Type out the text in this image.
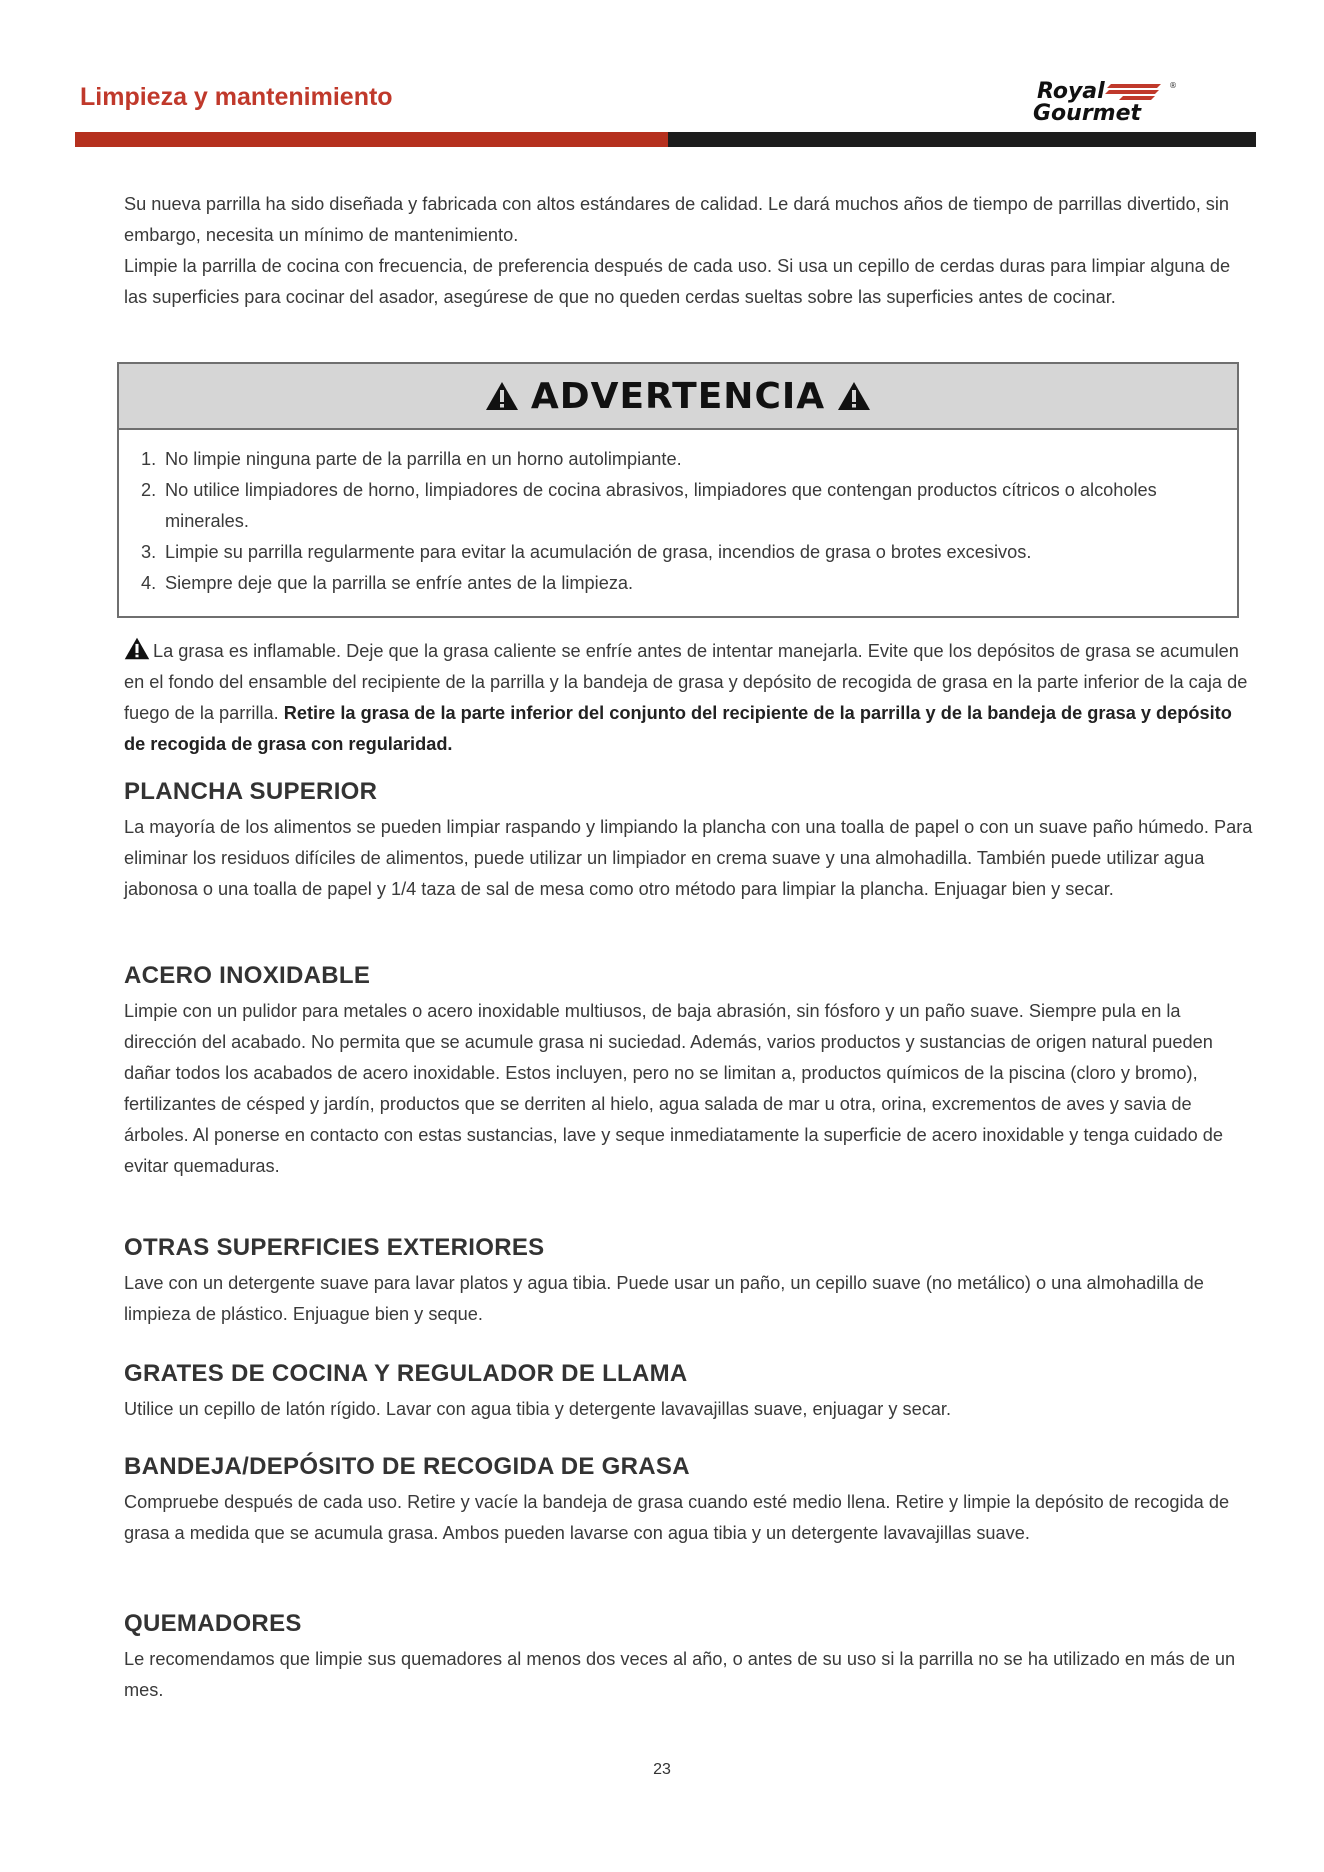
Limpieza y mantenimiento	Royal	®
Gourmet

Su nueva parrilla ha sido diseñada y fabricada con altos estándares de calidad. Le dará muchos años de tiempo de parrillas divertido, sin embargo, necesita un mínimo de mantenimiento.

Limpie la parrilla de cocina con frecuencia, de preferencia después de cada uso. Si usa un cepillo de cerdas duras para limpiar alguna de las superficies para cocinar del asador, asegúrese de que no queden cerdas sueltas sobre las superficies antes de cocinar.

ADVERTENCIA
1. No limpie ninguna parte de la parrilla en un horno autolimpiante.
2. No utilice limpiadores de horno, limpiadores de cocina abrasivos, limpiadores que contengan productos cítricos o alcoholes minerales.
3. Limpie su parrilla regularmente para evitar la acumulación de grasa, incendios de grasa o brotes excesivos.
4. Siempre deje que la parrilla se enfríe antes de la limpieza.

La grasa es inflamable. Deje que la grasa caliente se enfríe antes de intentar manejarla. Evite que los depósitos de grasa se acumulen en el fondo del ensamble del recipiente de la parrilla y la bandeja de grasa y depósito de recogida de grasa en la parte inferior de la caja de fuego de la parrilla. Retire la grasa de la parte inferior del conjunto del recipiente de la parrilla y de la bandeja de grasa y depósito de recogida de grasa con regularidad.

PLANCHA SUPERIOR

La mayoría de los alimentos se pueden limpiar raspando y limpiando la plancha con una toalla de papel o con un suave paño húmedo. Para eliminar los residuos difíciles de alimentos, puede utilizar un limpiador en crema suave y una almohadilla. También puede utilizar agua jabonosa o una toalla de papel y 1/4 taza de sal de mesa como otro método para limpiar la plancha. Enjuagar bien y secar.

ACERO INOXIDABLE

Limpie con un pulidor para metales o acero inoxidable multiusos, de baja abrasión, sin fósforo y un paño suave. Siempre pula en la dirección del acabado. No permita que se acumule grasa ni suciedad. Además, varios productos y sustancias de origen natural pueden dañar todos los acabados de acero inoxidable. Estos incluyen, pero no se limitan a, productos químicos de la piscina (cloro y bromo), fertilizantes de césped y jardín, productos que se derriten al hielo, agua salada de mar u otra, orina, excrementos de aves y savia de árboles. Al ponerse en contacto con estas sustancias, lave y seque inmediatamente la superficie de acero inoxidable y tenga cuidado de evitar quemaduras.

OTRAS SUPERFICIES EXTERIORES

Lave con un detergente suave para lavar platos y agua tibia. Puede usar un paño, un cepillo suave (no metálico) o una almohadilla de limpieza de plástico. Enjuague bien y seque.

GRATES DE COCINA Y REGULADOR DE LLAMA

Utilice un cepillo de latón rígido. Lavar con agua tibia y detergente lavavajillas suave, enjuagar y secar.

BANDEJA/DEPÓSITO DE RECOGIDA DE GRASA

Compruebe después de cada uso. Retire y vacíe la bandeja de grasa cuando esté medio llena. Retire y limpie la depósito de recogida de grasa a medida que se acumula grasa. Ambos pueden lavarse con agua tibia y un detergente lavavajillas suave.

QUEMADORES

Le recomendamos que limpie sus quemadores al menos dos veces al año, o antes de su uso si la parrilla no se ha utilizado en más de un mes.

23
